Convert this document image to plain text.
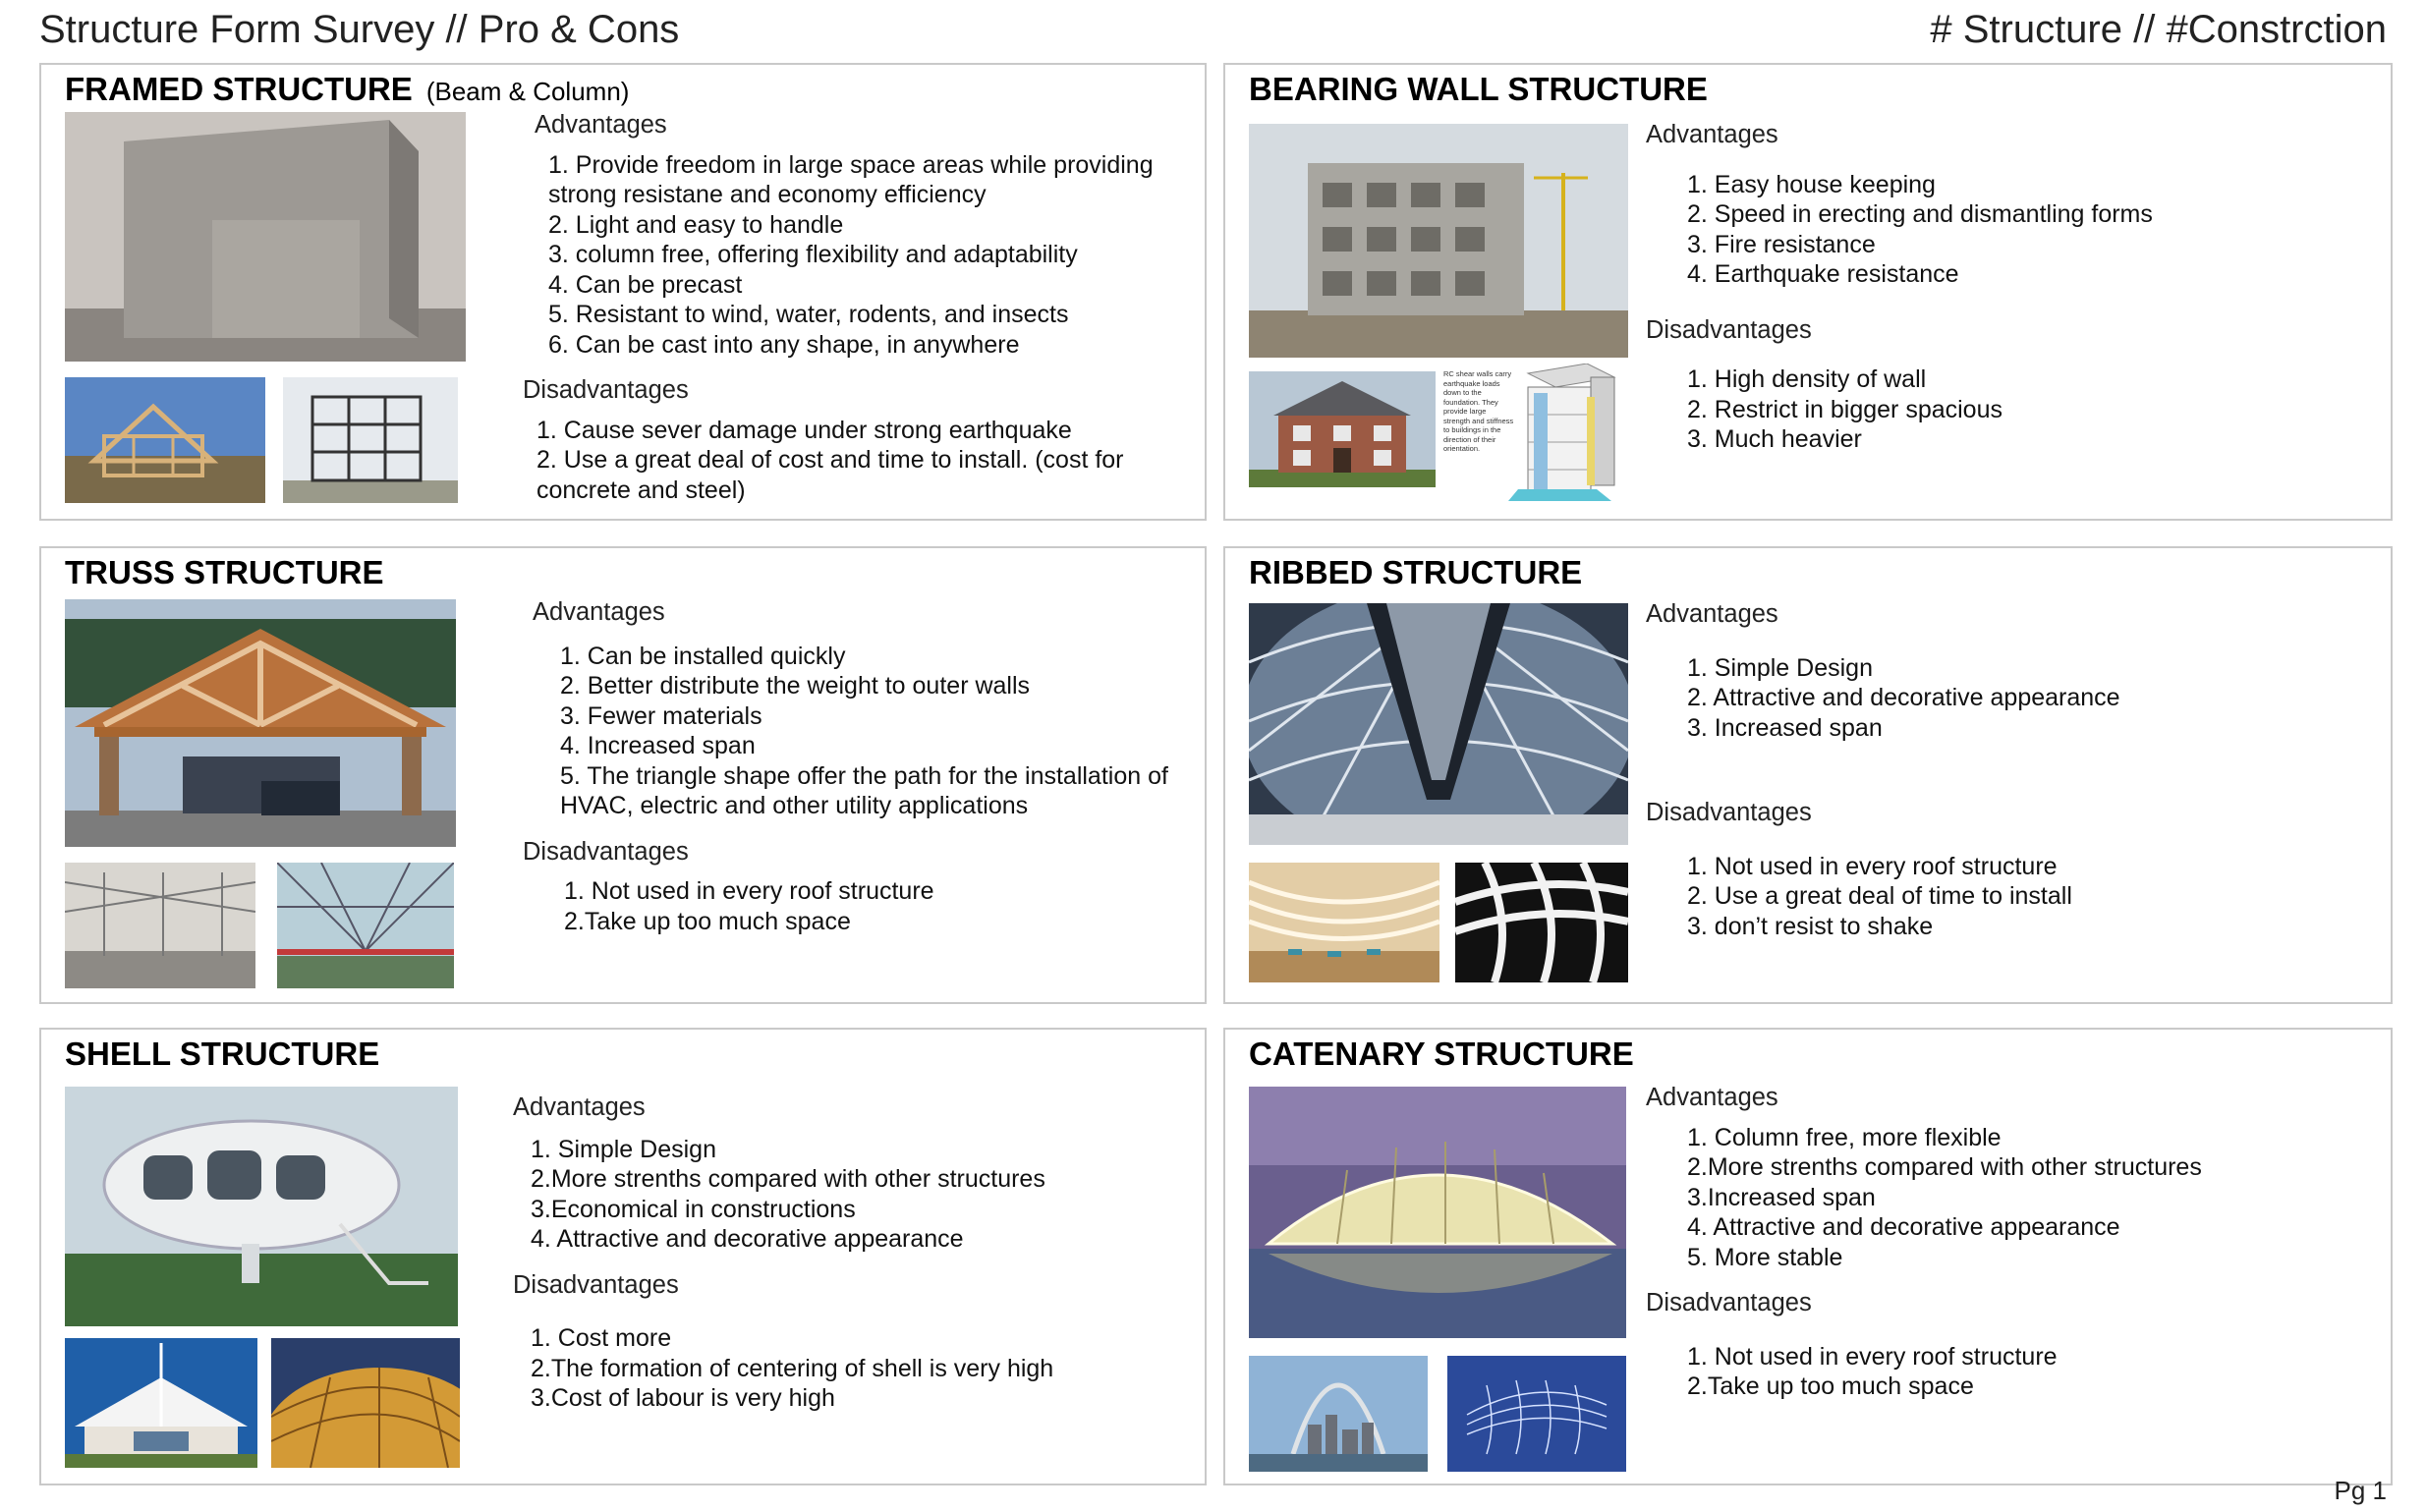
Structure Form Survey // Pro & Cons	# Structure // #Constrction
FRAMED STRUCTURE (Beam & Column)

Advantages

1. Provide freedom in large space areas while providing strong resistane and economy efficiency
2. Light and easy to handle
3. column free, offering flexibility and adaptability
4. Can be precast
5. Resistant to wind, water, rodents, and insects
6. Can be cast into any shape, in anywhere

Disadvantages

1. Cause sever damage under strong earthquake
2. Use a great deal of cost and time to install. (cost for concrete and steel)
BEARING WALL STRUCTURE
RC shear walls carry earthquake loads down to the foundation. They provide large strength and stiffness to buildings in the direction of their orientation.

Advantages

1. Easy house keeping
2. Speed in erecting and dismantling forms
3. Fire resistance
4. Earthquake resistance

Disadvantages

1. High density of wall
2. Restrict in bigger spacious
3. Much heavier
TRUSS STRUCTURE

Advantages

1. Can be installed quickly
2. Better distribute the weight to outer walls
3. Fewer materials
4. Increased span
5. The triangle shape offer the path for the installation of HVAC, electric and other utility applications

Disadvantages

1. Not used in every roof structure
2.Take up too much space
RIBBED STRUCTURE

Advantages

1. Simple Design
2. Attractive and decorative appearance
3. Increased span

Disadvantages

1. Not used in every roof structure
2. Use a great deal of time to install
3. don’t resist to shake
SHELL STRUCTURE

Advantages

1. Simple Design
2.More strenths compared with other structures
3.Economical in constructions
4. Attractive and decorative appearance

Disadvantages

1. Cost more
2.The formation of centering of shell is very high
3.Cost of labour is very high
CATENARY STRUCTURE

Advantages

1. Column free, more flexible
2.More strenths compared with other structures
3.Increased span
4. Attractive and decorative appearance
5. More stable

Disadvantages

1. Not used in every roof structure
2.Take up too much space
Pg 1
